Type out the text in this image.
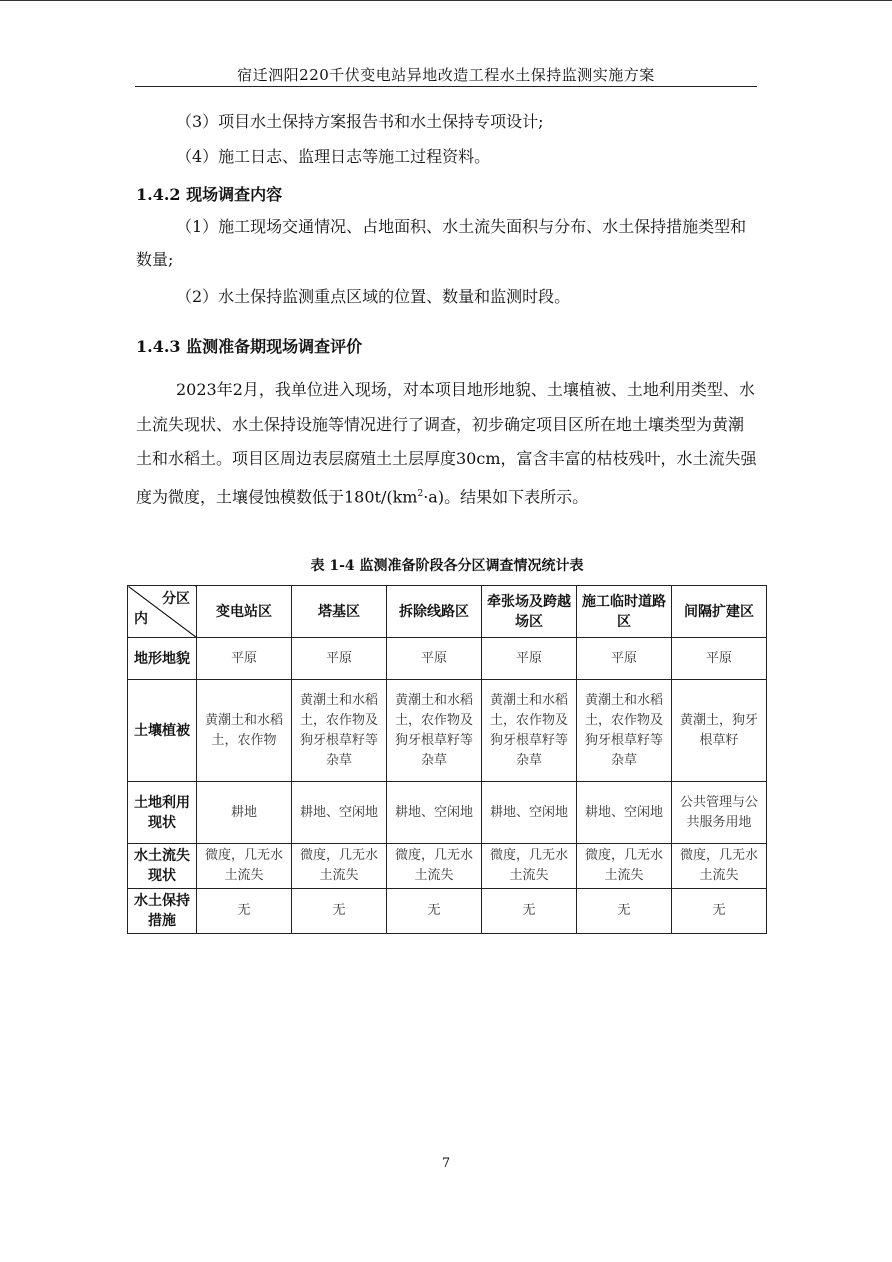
宿迁泗阳220千伏变电站异地改造工程水土保持监测实施方案

（3）项目水土保持方案报告书和水土保持专项设计;

（4）施工日志、监理日志等施工过程资料。

1.4.2 现场调查内容

（1）施工现场交通情况、占地面积、水土流失面积与分布、水土保持措施类型和数量;

（2）水土保持监测重点区域的位置、数量和监测时段。

1.4.3 监测准备期现场调查评价

2023年2月，我单位进入现场，对本项目地形地貌、土壤植被、土地利用类型、水土流失现状、水土保持设施等情况进行了调查，初步确定项目区所在地土壤类型为黄潮土和水稻土。项目区周边表层腐殖土土层厚度30cm，富含丰富的枯枝残叶，水土流失强度为微度，土壤侵蚀模数低于$180t/(km^2\cdot a)$。结果如下表所示。

表 1-4 监测准备阶段各分区调查情况统计表
分区
内	变电站区	塔基区	拆除线路区	牵张场及跨越场区	施工临时道路区	间隔扩建区
地形地貌	平原	平原	平原	平原	平原	平原
土壤植被	黄潮土和水稻土，农作物	黄潮土和水稻土，农作物及狗牙根草籽等杂草	黄潮土和水稻土，农作物及狗牙根草籽等杂草	黄潮土和水稻土，农作物及狗牙根草籽等杂草	黄潮土和水稻土，农作物及狗牙根草籽等杂草	黄潮土，狗牙根草籽
土地利用现状	耕地	耕地、空闲地	耕地、空闲地	耕地、空闲地	耕地、空闲地	公共管理与公共服务用地
水土流失现状	微度，几无水土流失	微度，几无水土流失	微度，几无水土流失	微度，几无水土流失	微度，几无水土流失	微度，几无水土流失
水土保持措施	无	无	无	无	无	无
7
